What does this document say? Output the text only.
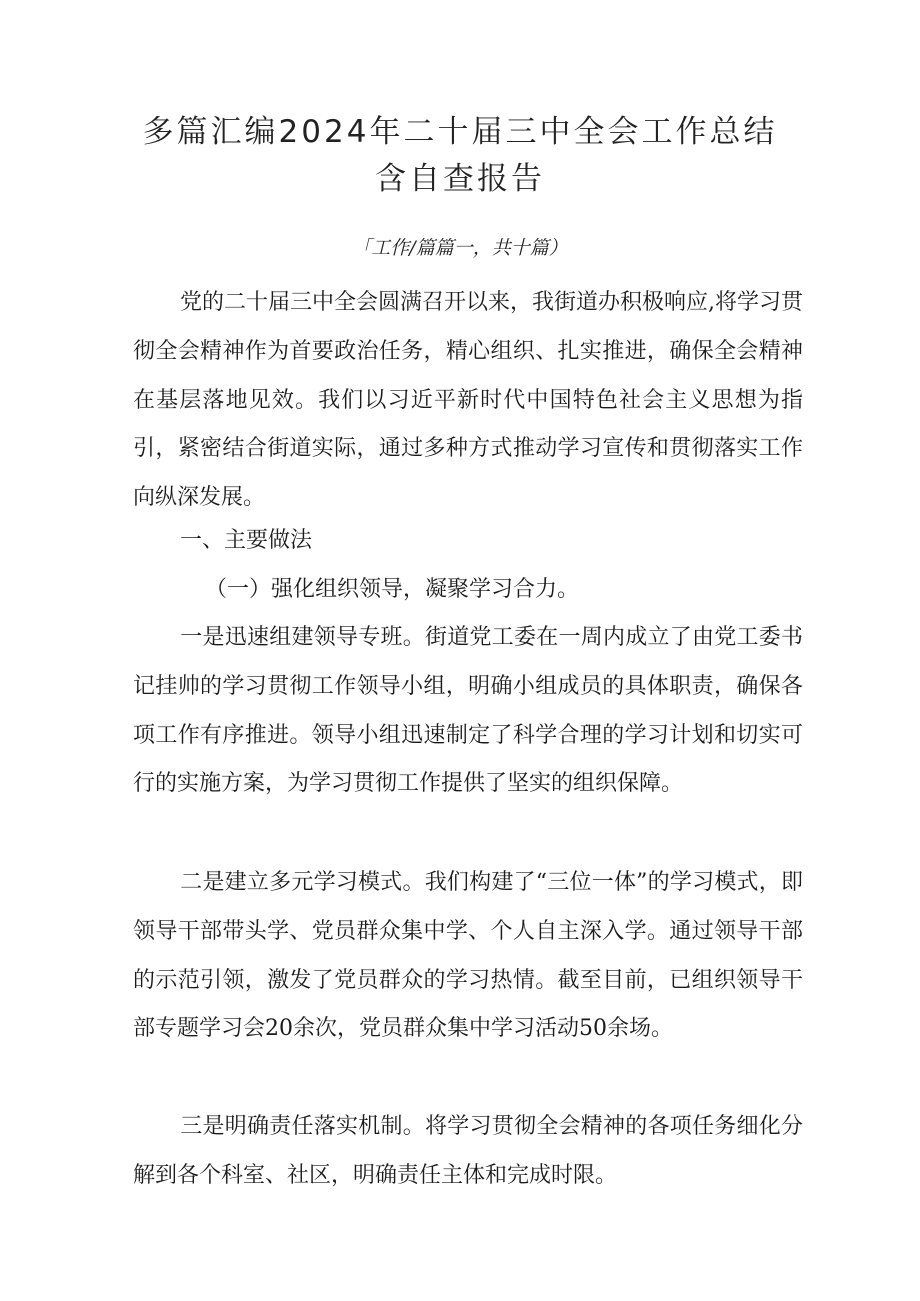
多篇汇编2024年二十届三中全会工作总结
含自查报告

「工作/篇篇一，共十篇）

党的二十届三中全会圆满召开以来，我街道办积极响应,将学习贯彻全会精神作为首要政治任务，精心组织、扎实推进，确保全会精神在基层落地见效。我们以习近平新时代中国特色社会主义思想为指引，紧密结合街道实际，通过多种方式推动学习宣传和贯彻落实工作向纵深发展。

一、主要做法

（一）强化组织领导，凝聚学习合力。

一是迅速组建领导专班。街道党工委在一周内成立了由党工委书记挂帅的学习贯彻工作领导小组，明确小组成员的具体职责，确保各项工作有序推进。领导小组迅速制定了科学合理的学习计划和切实可行的实施方案，为学习贯彻工作提供了坚实的组织保障。

二是建立多元学习模式。我们构建了“三位一体”的学习模式，即领导干部带头学、党员群众集中学、个人自主深入学。通过领导干部的示范引领，激发了党员群众的学习热情。截至目前，已组织领导干部专题学习会20余次，党员群众集中学习活动50余场。

三是明确责任落实机制。将学习贯彻全会精神的各项任务细化分解到各个科室、社区，明确责任主体和完成时限。
